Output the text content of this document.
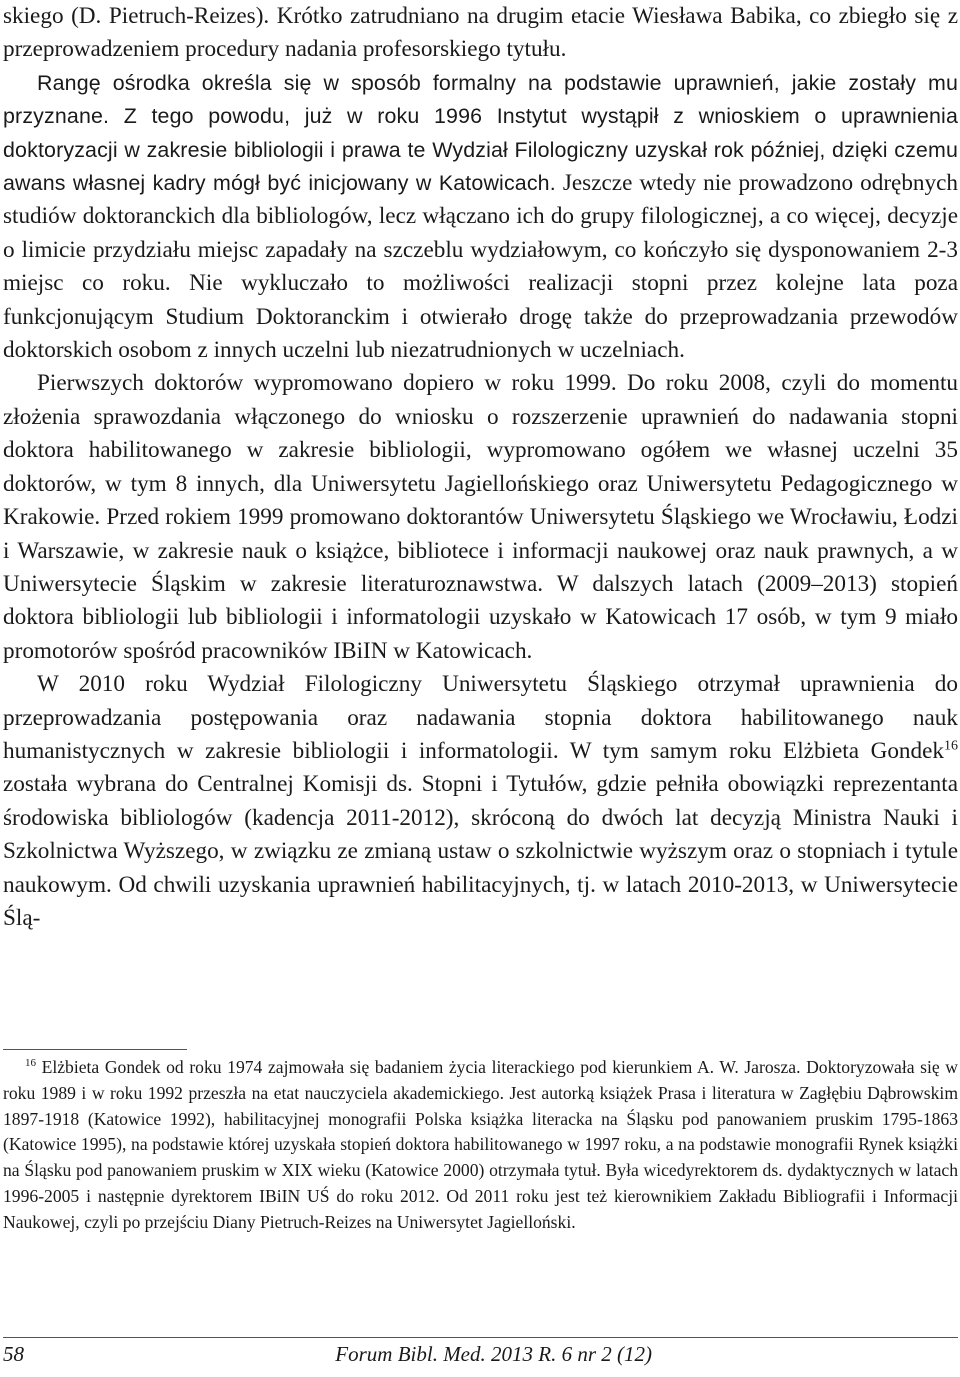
skiego (D. Pietruch-Reizes). Krótko zatrudniano na drugim etacie Wiesława Babika, co zbiegło się z przeprowadzeniem procedury nadania profesorskiego tytułu.

Rangę ośrodka określa się w sposób formalny na podstawie uprawnień, jakie zostały mu przyznane. Z tego powodu, już w roku 1996 Instytut wystąpił z wnioskiem o uprawnienia doktoryzacji w zakresie bibliologii i prawa te Wydział Filologiczny uzyskał rok później, dzięki czemu awans własnej kadry mógł być inicjowany w Katowicach. Jeszcze wtedy nie prowadzono odrębnych studiów doktoranckich dla bibliologów, lecz włączano ich do grupy filologicznej, a co więcej, decyzje o limicie przydziału miejsc zapadały na szczeblu wydziałowym, co kończyło się dysponowaniem 2-3 miejsc co roku. Nie wykluczało to możliwości realizacji stopni przez kolejne lata poza funkcjonującym Studium Doktoranckim i otwierało drogę także do przeprowadzania przewodów doktorskich osobom z innych uczelni lub niezatrudnionych w uczelniach.

Pierwszych doktorów wypromowano dopiero w roku 1999. Do roku 2008, czyli do momentu złożenia sprawozdania włączonego do wniosku o rozszerzenie uprawnień do nadawania stopni doktora habilitowanego w zakresie bibliologii, wypromowano ogółem we własnej uczelni 35 doktorów, w tym 8 innych, dla Uniwersytetu Jagiellońskiego oraz Uniwersytetu Pedagogicznego w Krakowie. Przed rokiem 1999 promowano doktorantów Uniwersytetu Śląskiego we Wrocławiu, Łodzi i Warszawie, w zakresie nauk o książce, bibliotece i informacji naukowej oraz nauk prawnych, a w Uniwersytecie Śląskim w zakresie literaturoznawstwa. W dalszych latach (2009–2013) stopień doktora bibliologii lub bibliologii i informatologii uzyskało w Katowicach 17 osób, w tym 9 miało promotorów spośród pracowników IBiIN w Katowicach.

W 2010 roku Wydział Filologiczny Uniwersytetu Śląskiego otrzymał uprawnienia do przeprowadzania postępowania oraz nadawania stopnia doktora habilitowanego nauk humanistycznych w zakresie bibliologii i informatologii. W tym samym roku Elżbieta Gondek$^{16}$ została wybrana do Centralnej Komisji ds. Stopni i Tytułów, gdzie pełniła obowiązki reprezentanta środowiska bibliologów (kadencja 2011-2012), skróconą do dwóch lat decyzją Ministra Nauki i Szkolnictwa Wyższego, w związku ze zmianą ustaw o szkolnictwie wyższym oraz o stopniach i tytule naukowym. Od chwili uzyskania uprawnień habilitacyjnych, tj. w latach 2010-2013, w Uniwersytecie Ślą-

$^{16}$ Elżbieta Gondek od roku 1974 zajmowała się badaniem życia literackiego pod kierunkiem A. W. Jarosza. Doktoryzowała się w roku 1989 i w roku 1992 przeszła na etat nauczyciela akademickiego. Jest autorką książek Prasa i literatura w Zagłębiu Dąbrowskim 1897-1918 (Katowice 1992), habilitacyjnej monografii Polska książka literacka na Śląsku pod panowaniem pruskim 1795-1863 (Katowice 1995), na podstawie której uzyskała stopień doktora habilitowanego w 1997 roku, a na podstawie monografii Rynek książki na Śląsku pod panowaniem pruskim w XIX wieku (Katowice 2000) otrzymała tytuł. Była wicedyrektorem ds. dydaktycznych w latach 1996-2005 i następnie dyrektorem IBiIN UŚ do roku 2012. Od 2011 roku jest też kierownikiem Zakładu Bibliografii i Informacji Naukowej, czyli po przejściu Diany Pietruch-Reizes na Uniwersytet Jagielloński.

58	Forum Bibl. Med. 2013 R. 6 nr 2 (12)
